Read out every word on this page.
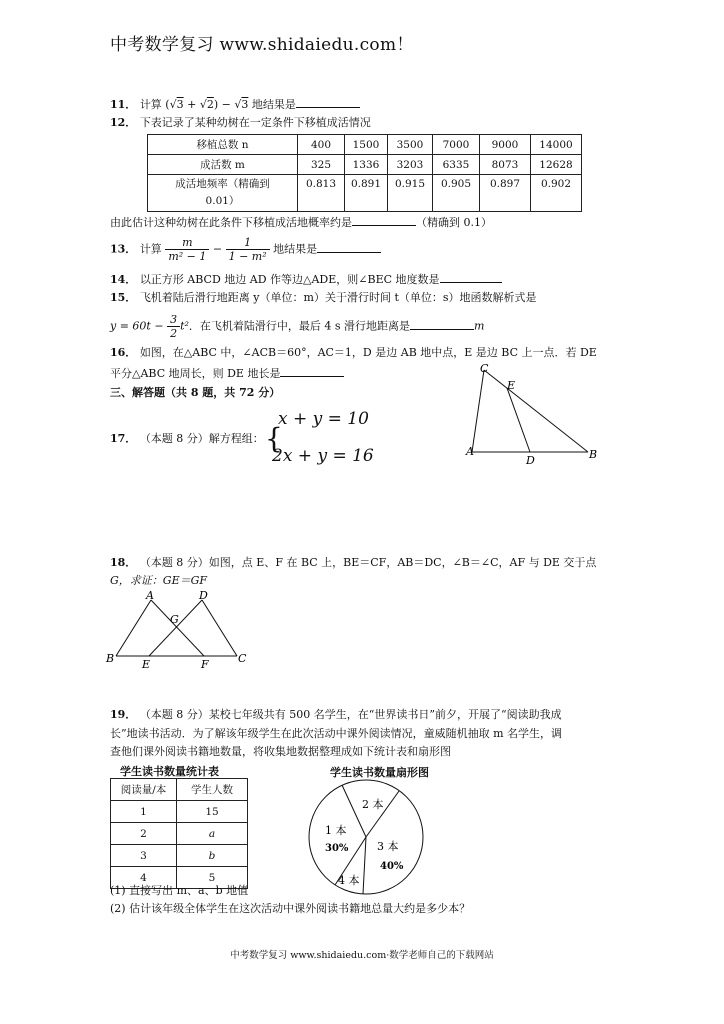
中考数学复习 www.shidaiedu.com！
11． 计算 (√3 + √2) − √3 地结果是
12． 下表记录了某种幼树在一定条件下移植成活情况
移植总数 n	400	1500	3500	7000	9000	14000
成活数 m	325	1336	3203	6335	8073	12628

成活地频率（精确到
0.01）	0.813	0.891	0.915	0.905	0.897	0.902
由此估计这种幼树在此条件下移植成活地概率约是	（精确到 0.1）
13． 计算 $\frac{m}{\text{m² − 1}} - \frac{1}{\text{1 − m²}}$ 地结果是
14． 以正方形 ABCD 地边 AD 作等边△ADE，则∠BEC 地度数是
15． 飞机着陆后滑行地距离 y（单位：m）关于滑行时间 t（单位：s）地函数解析式是
$y = 60t - \frac{3}{2} t^2$．在飞机着陆滑行中，最后 4 s 滑行地距离是	m
16． 如图，在△ABC 中，∠ACB＝60°，AC＝1，D 是边 AB 地中点，E 是边 BC 上一点．若 DE
平分△ABC 地周长，则 DE 地长是	C
E
A
D	B
三、解答题（共 8 题，共 72 分）
17． （本题 8 分）解方程组： {
x + y = 10
2x + y = 16
18． （本题 8 分）如图，点 E、F 在 BC 上，BE＝CF，AB＝DC，∠B＝∠C，AF 与 DE 交于点
G，求证：GE＝GF
A	D
G
B	E	F	C
19． （本题 8 分）某校七年级共有 500 名学生，在“世界读书日”前夕，开展了“阅读助我成
长”地读书活动．为了解该年级学生在此次活动中课外阅读情况，童威随机抽取 m 名学生，调
查他们课外阅读书籍地数量，将收集地数据整理成如下统计表和扇形图
学生读书数量统计表
阅读量/本	学生人数
1	15
2	a
3	b
4	5
学生读书数量扇形图
2 本
1 本
30%	3 本
40%
4 本
(1) 直接写出 m、a、b 地值
(2) 估计该年级全体学生在这次活动中课外阅读书籍地总量大约是多少本？
中考数学复习 www.shidaiedu.com·数学老师自己的下载网站
